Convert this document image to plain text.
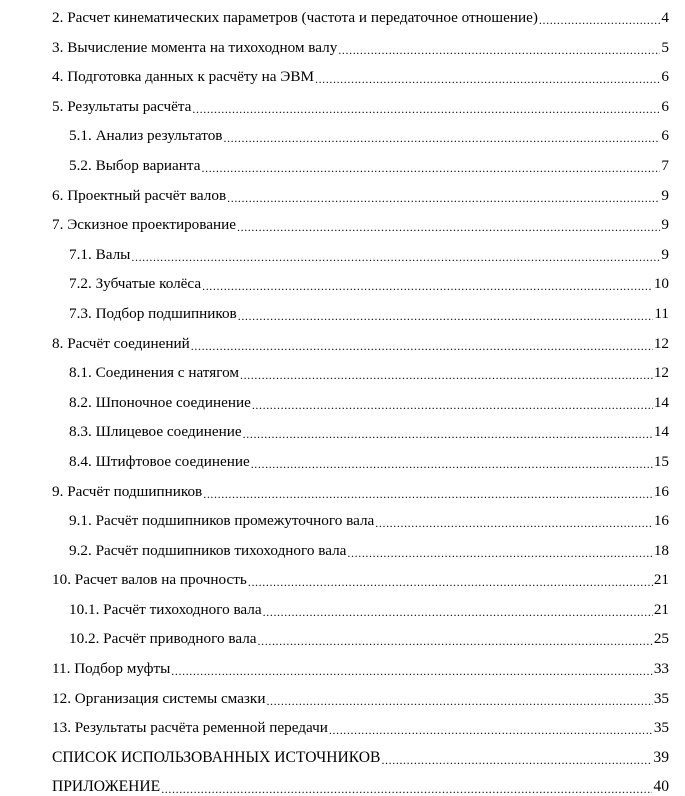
2. Расчет кинематических параметров (частота и передаточное отношение) .....	4
3. Вычисление момента на тихоходном валу .....	5
4. Подготовка данных к расчёту на ЭВМ .....	6
5. Результаты расчёта .....	6
5.1. Анализ результатов .....	6
5.2. Выбор варианта .....	7
6. Проектный расчёт валов .....	9
7. Эскизное проектирование .....	9
7.1. Валы .....	9
7.2. Зубчатые колёса .....	10
7.3. Подбор подшипников .....	11
8. Расчёт соединений .....	12
8.1. Соединения с натягом .....	12
8.2. Шпоночное соединение .....	14
8.3. Шлицевое соединение .....	14
8.4. Штифтовое соединение .....	15
9. Расчёт подшипников .....	16
9.1. Расчёт подшипников промежуточного вала .....	16
9.2. Расчёт подшипников тихоходного вала .....	18
10. Расчет валов на прочность .....	21
10.1. Расчёт тихоходного вала .....	21
10.2. Расчёт приводного вала .....	25
11. Подбор муфты .....	33
12. Организация системы смазки .....	35
13. Результаты расчёта ременной передачи .....	35
СПИСОК ИСПОЛЬЗОВАННЫХ ИСТОЧНИКОВ .....	39
ПРИЛОЖЕНИЕ .....	40
